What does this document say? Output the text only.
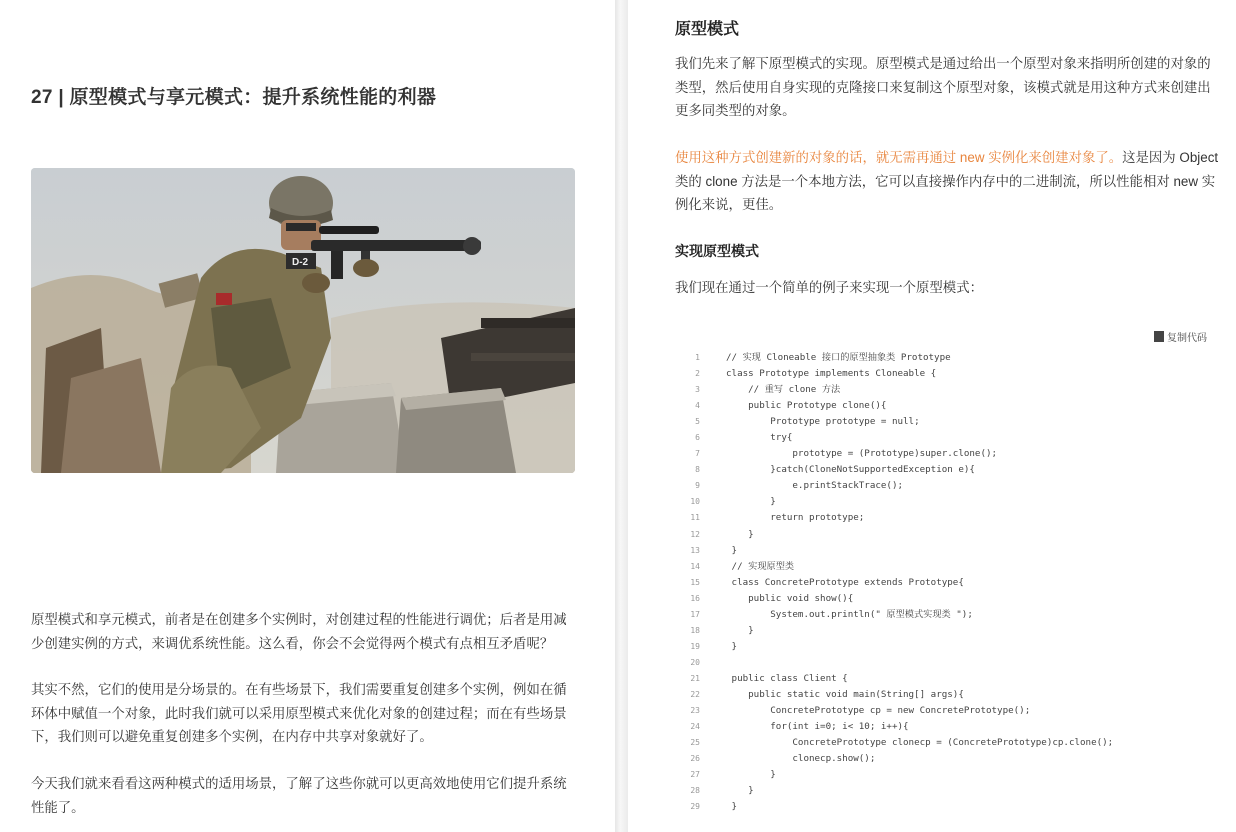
27 | 原型模式与享元模式：提升系统性能的利器
D-2

原型模式和享元模式，前者是在创建多个实例时，对创建过程的性能进行调优；后者是用减少创建实例的方式，来调优系统性能。这么看，你会不会觉得两个模式有点相互矛盾呢？

其实不然，它们的使用是分场景的。在有些场景下，我们需要重复创建多个实例，例如在循环体中赋值一个对象，此时我们就可以采用原型模式来优化对象的创建过程；而在有些场景下，我们则可以避免重复创建多个实例，在内存中共享对象就好了。

今天我们就来看看这两种模式的适用场景，了解了这些你就可以更高效地使用它们提升系统性能了。

原型模式

我们先来了解下原型模式的实现。原型模式是通过给出一个原型对象来指明所创建的对象的类型，然后使用自身实现的克隆接口来复制这个原型对象，该模式就是用这种方式来创建出更多同类型的对象。

使用这种方式创建新的对象的话，就无需再通过 new 实例化来创建对象了。这是因为 Object 类的 clone 方法是一个本地方法，它可以直接操作内存中的二进制流，所以性能相对 new 实例化来说，更佳。

实现原型模式

我们现在通过一个简单的例子来实现一个原型模式：

复制代码
1	// 实现 Cloneable 接口的原型抽象类 Prototype
2	class Prototype implements Cloneable {
3	// 重写 clone 方法
4	public Prototype clone(){
5	Prototype prototype = null;
6	try{
7	prototype = (Prototype)super.clone();
8	}catch(CloneNotSupportedException e){
9	e.printStackTrace();
10	}
11	return prototype;
12	}
13	}
14	// 实现原型类
15	class ConcretePrototype extends Prototype{
16	public void show(){
17	System.out.println(" 原型模式实现类 ");
18	}
19	}
20
21	public class Client {
22	public static void main(String[] args){
23	ConcretePrototype cp = new ConcretePrototype();
24	for(int i=0; i< 10; i++){
25	ConcretePrototype clonecp = (ConcretePrototype)cp.clone();
26	clonecp.show();
27	}
28	}
29	}
